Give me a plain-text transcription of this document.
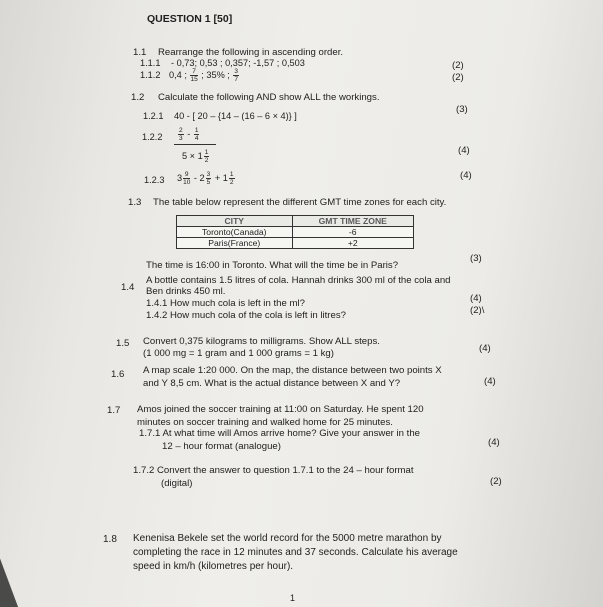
QUESTION 1 [50]
1.1 Rearrange the following in ascending order.
1.1.1 - 0,73; 0,53 ; 0,357; -1,57 ; 0,503	(2)
1.1.2 0,4 ; $\frac{7}{15}$ ; 35% ; $\frac{3}{7}$	(2)
1.2 Calculate the following AND show ALL the workings.
1.2.1 40 - [ 20 – {14 – (16 – 6 × 4)} ]
(3)
$1.2.2 \frac{2}{3} - \frac{1}{4}$
$5 \times 1 \frac{1}{2}$	(4)
1.2.3 $3 \frac{9}{10} - 2 \frac{3}{5} + 1 \frac{1}{2}$	(4)
1.3 The table below represent the different GMT time zones for each city.
CITY	GMT TIME ZONE
Toronto(Canada)	-6
Paris(France)	+2
The time is 16:00 in Toronto. What will the time be in Paris?
(3)
1.4
A bottle contains 1.5 litres of cola. Hannah drinks 300 ml of the cola and
Ben drinks 450 ml.
1.4.1 How much cola is left in the ml?	(4)
1.4.2 How much cola of the cola is left in litres?	(2)\
1.5 Convert 0,375 kilograms to milligrams. Show ALL steps.
(1 000 mg = 1 gram and 1 000 grams = 1 kg)	(4)
1.6 A map scale 1:20 000. On the map, the distance between two points X
and Y 8,5 cm. What is the actual distance between X and Y?	(4)
1.7 Amos joined the soccer training at 11:00 on Saturday. He spent 120
minutes on soccer training and walked home for 25 minutes.
1.7.1 At what time will Amos arrive home? Give your answer in the
12 – hour format (analogue)	(4)
1.7.2 Convert the answer to question 1.7.1 to the 24 – hour format
(digital)	(2)
1.8 Kenenisa Bekele set the world record for the 5000 metre marathon by
completing the race in 12 minutes and 37 seconds. Calculate his average
speed in km/h (kilometres per hour).
1
